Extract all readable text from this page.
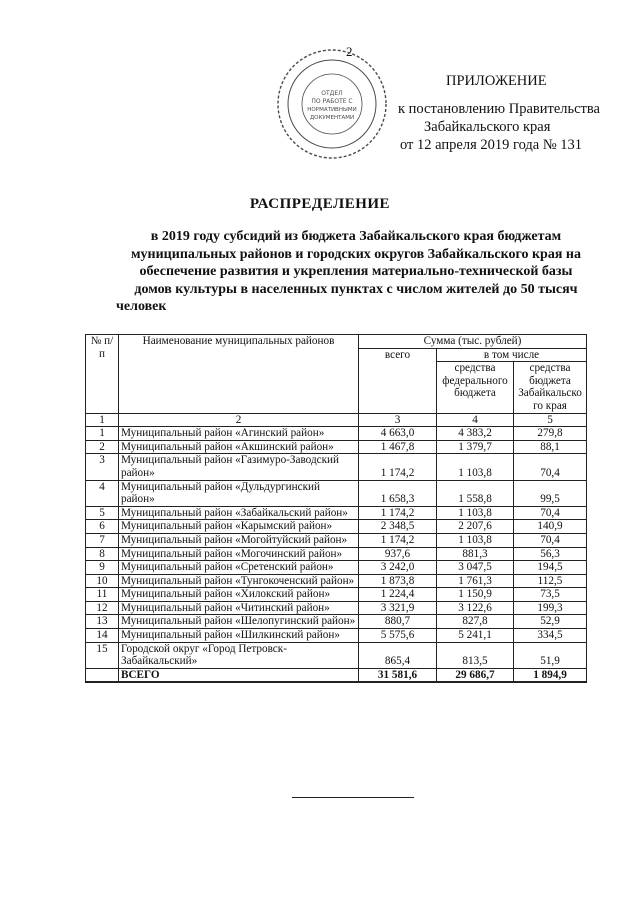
2
ОТДЕЛ
ПО РАБОТЕ С
НОРМАТИВНЫМИ
ДОКУМЕНТАМИ
ПРИЛОЖЕНИЕ
к постановлению Правительства
Забайкальского края
от 12 апреля 2019 года № 131
РАСПРЕДЕЛЕНИЕ
в 2019 году субсидий из бюджета Забайкальского края бюджетам
муниципальных районов и городских округов Забайкальского края на
обеспечение развития и укрепления материально-технической базы
домов культуры в населенных пунктах с числом жителей до 50 тысяч
человек
№ п/п	Наименование муниципальных районов	Сумма (тыс. рублей)		
		всего	в том числе	
			средства федерального бюджета	средства бюджета Забайкальско го края

1	2	3	4	5
1	Муниципальный район «Агинский район»	4 663,0	4 383,2	279,8
2	Муниципальный район «Акшинский район»	1 467,8	1 379,7	88,1
3	Муниципальный район «Газимуро-Заводский район»	1 174,2	1 103,8	70,4
4	Муниципальный район «Дульдургинский район»	1 658,3	1 558,8	99,5
5	Муниципальный район «Забайкальский район»	1 174,2	1 103,8	70,4
6	Муниципальный район «Карымский район»	2 348,5	2 207,6	140,9
7	Муниципальный район «Могойтуйский район»	1 174,2	1 103,8	70,4
8	Муниципальный район «Могочинский район»	937,6	881,3	56,3
9	Муниципальный район «Сретенский район»	3 242,0	3 047,5	194,5
10	Муниципальный район «Тунгокоченский район»	1 873,8	1 761,3	112,5
11	Муниципальный район «Хилокский район»	1 224,4	1 150,9	73,5
12	Муниципальный район «Читинский район»	3 321,9	3 122,6	199,3
13	Муниципальный район «Шелопугинский район»	880,7	827,8	52,9
14	Муниципальный район «Шилкинский район»	5 575,6	5 241,1	334,5
15	Городской округ «Город Петровск-Забайкальский»	865,4	813,5	51,9
	ВСЕГО	31 581,6	29 686,7	1 894,9
